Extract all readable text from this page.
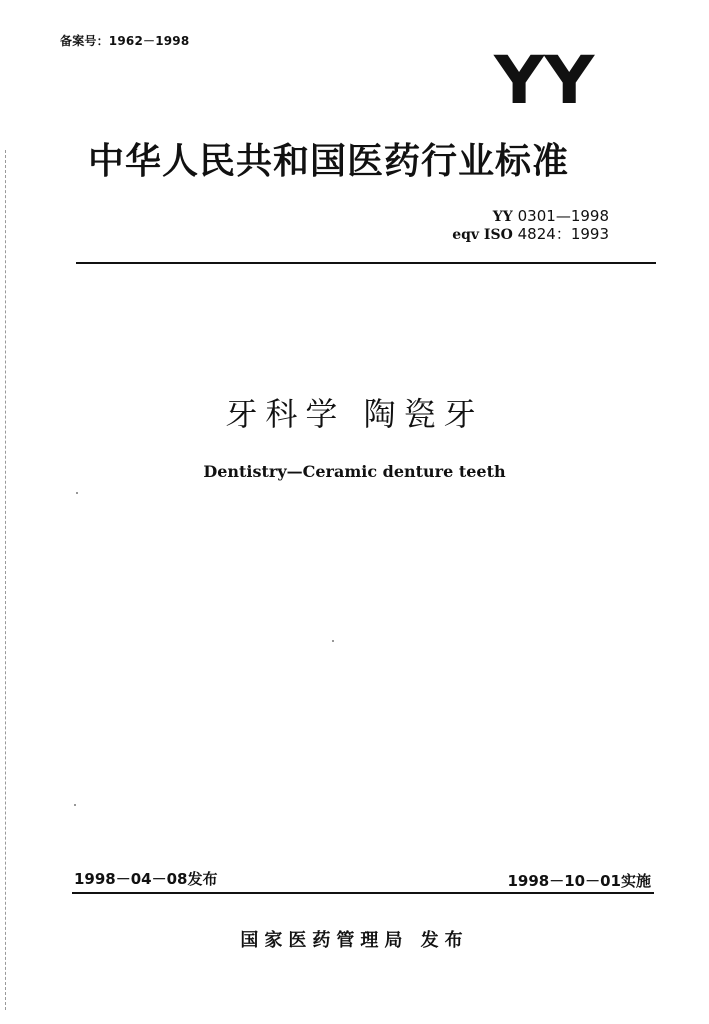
备案号：1962－1998
YY
中华人民共和国医药行业标准
YY 0301—1998
eqv ISO 4824：1993
牙科学 陶瓷牙
Dentistry—Ceramic denture teeth
1998－04－08发布	1998－10－01实施
国家医药管理局 发布
